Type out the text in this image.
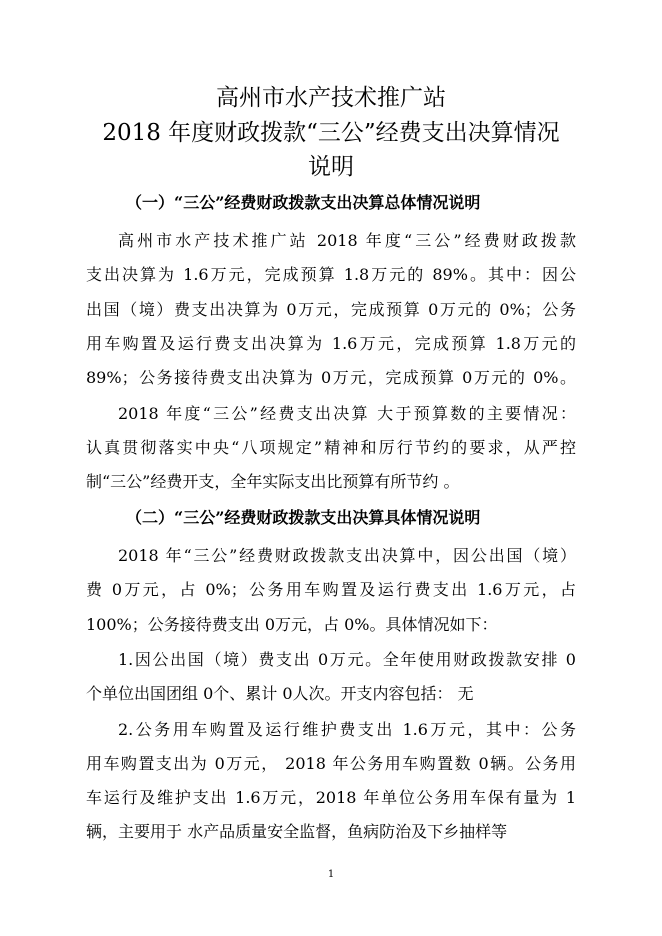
高州市水产技术推广站
2018 年度财政拨款“三公”经费支出决算情况
说明
（一）“三公”经费财政拨款支出决算总体情况说明
高州市水产技术推广站 2018 年度“三公”经费财政拨款
支出决算为 1.6万元，完成预算 1.8万元的 89%。其中：因公
出国（境）费支出决算为 0万元，完成预算 0万元的 0%；公务
用车购置及运行费支出决算为 1.6万元，完成预算 1.8万元的
89%；公务接待费支出决算为 0万元，完成预算 0万元的 0%。
2018 年度“三公”经费支出决算 大于预算数的主要情况：
认真贯彻落实中央“八项规定”精神和厉行节约的要求，从严控
制“三公”经费开支，全年实际支出比预算有所节约 。
（二）“三公”经费财政拨款支出决算具体情况说明
2018 年“三公”经费财政拨款支出决算中，因公出国（境）
费 0万元，占 0%；公务用车购置及运行费支出 1.6万元，占
100%；公务接待费支出 0万元，占 0%。具体情况如下：
1.因公出国（境）费支出 0万元。全年使用财政拨款安排 0
个单位出国团组 0个、累计 0人次。开支内容包括： 无
2.公务用车购置及运行维护费支出 1.6万元，其中：公务
用车购置支出为 0万元， 2018 年公务用车购置数 0辆。公务用
车运行及维护支出 1.6万元，2018 年单位公务用车保有量为 1
辆，主要用于 水产品质量安全监督，鱼病防治及下乡抽样等
1
